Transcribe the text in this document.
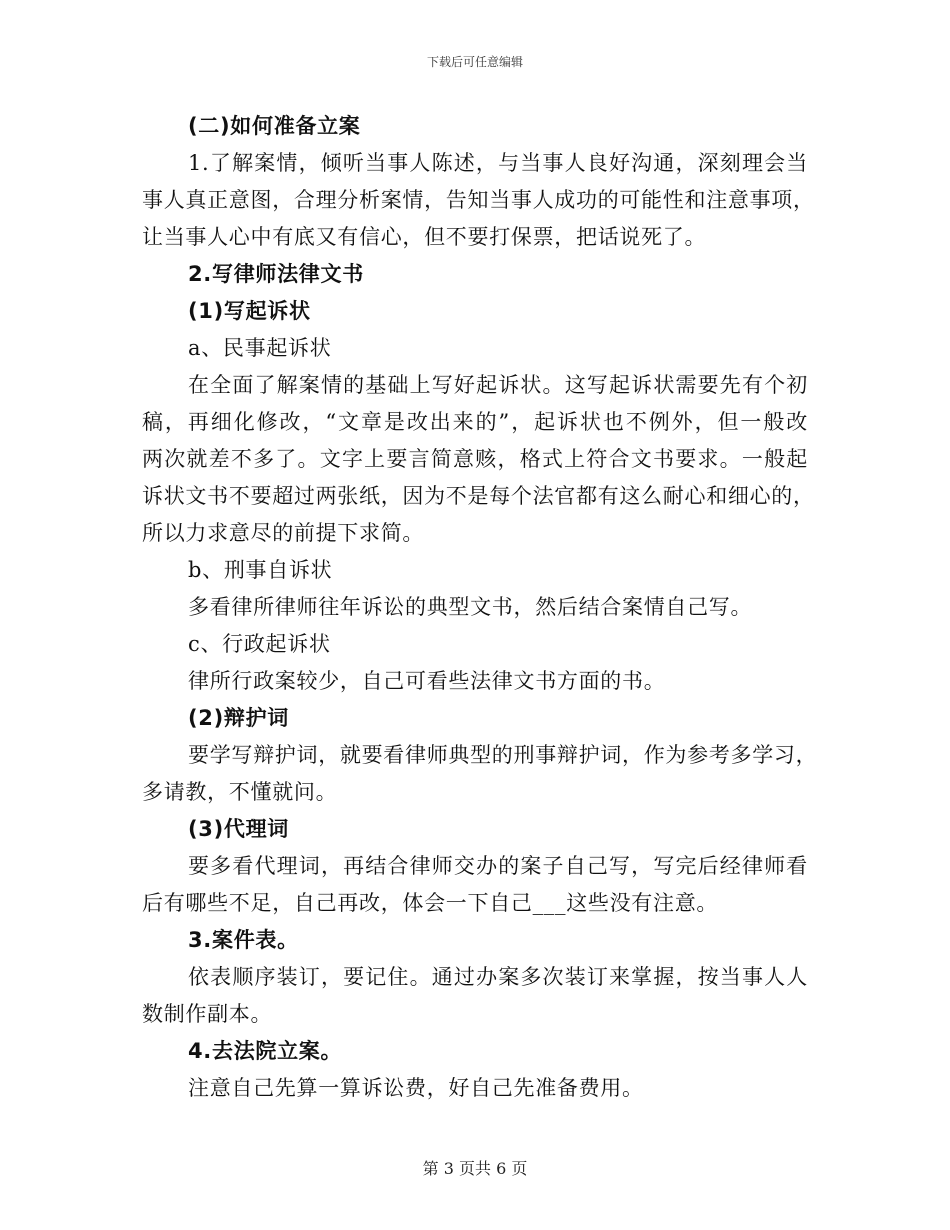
下载后可任意编辑
(二)如何准备立案
1.了解案情，倾听当事人陈述，与当事人良好沟通，深刻理会当
事人真正意图，合理分析案情，告知当事人成功的可能性和注意事项，
让当事人心中有底又有信心，但不要打保票，把话说死了。
2.写律师法律文书
(1)写起诉状
a、民事起诉状
在全面了解案情的基础上写好起诉状。这写起诉状需要先有个初
稿，再细化修改，“文章是改出来的”，起诉状也不例外，但一般改
两次就差不多了。文字上要言简意赅，格式上符合文书要求。一般起
诉状文书不要超过两张纸，因为不是每个法官都有这么耐心和细心的，
所以力求意尽的前提下求简。
b、刑事自诉状
多看律所律师往年诉讼的典型文书，然后结合案情自己写。
c、行政起诉状
律所行政案较少，自己可看些法律文书方面的书。
(2)辩护词
要学写辩护词，就要看律师典型的刑事辩护词，作为参考多学习，
多请教，不懂就问。
(3)代理词
要多看代理词，再结合律师交办的案子自己写，写完后经律师看
后有哪些不足，自己再改，体会一下自己___这些没有注意。
3.案件表。
依表顺序装订，要记住。通过办案多次装订来掌握，按当事人人
数制作副本。
4.去法院立案。
注意自己先算一算诉讼费，好自己先准备费用。
第 3 页共 6 页
